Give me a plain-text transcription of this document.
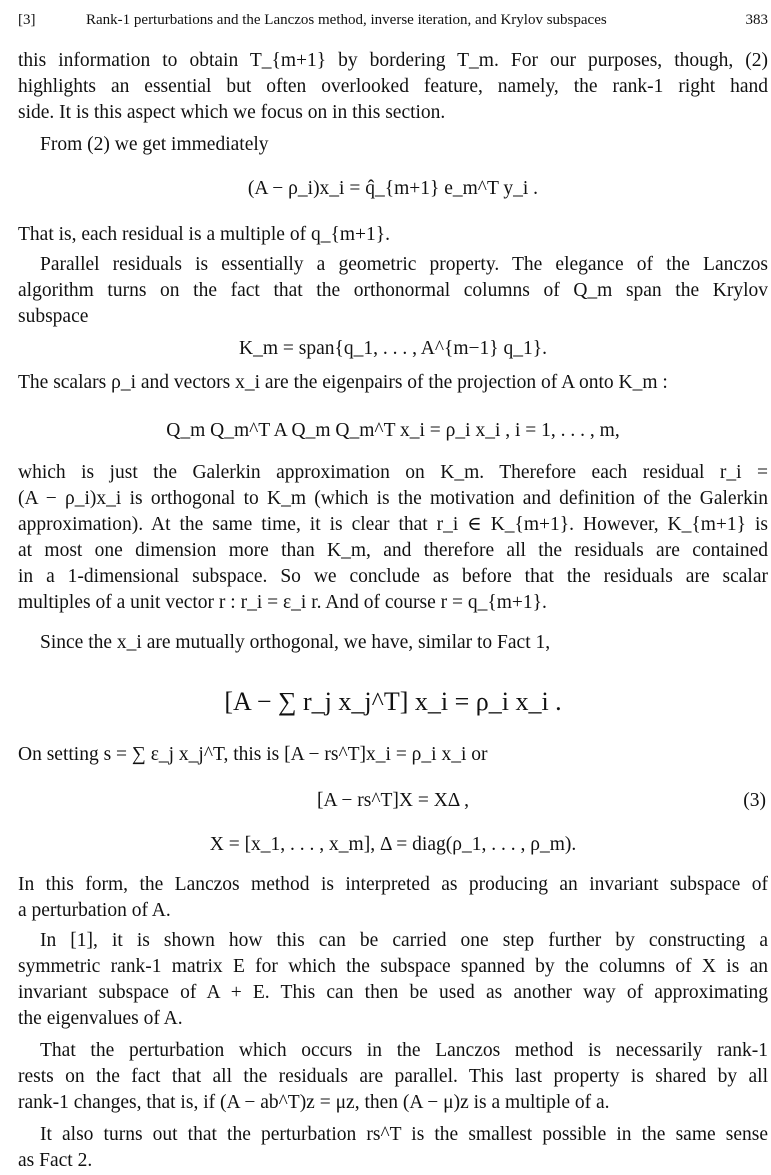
[3]	Rank-1 perturbations and the Lanczos method, inverse iteration, and Krylov subspaces	383
this information to obtain T_{m+1} by bordering T_m. For our purposes, though, (2)
highlights an essential but often overlooked feature, namely, the rank-1 right hand
side. It is this aspect which we focus on in this section.
From (2) we get immediately
(A − ρ_i)x_i = q̂_{m+1} e_m^T y_i .
That is, each residual is a multiple of q_{m+1}.
Parallel residuals is essentially a geometric property. The elegance of the Lanczos
algorithm turns on the fact that the orthonormal columns of Q_m span the Krylov
subspace
K_m = span{q_1, . . . , A^{m−1} q_1}.
The scalars ρ_i and vectors x_i are the eigenpairs of the projection of A onto K_m :
Q_m Q_m^T A Q_m Q_m^T x_i = ρ_i x_i , i = 1, . . . , m,
which is just the Galerkin approximation on K_m. Therefore each residual r_i =
(A − ρ_i)x_i is orthogonal to K_m (which is the motivation and definition of the Galerkin
approximation). At the same time, it is clear that r_i ∈ K_{m+1}. However, K_{m+1} is
at most one dimension more than K_m, and therefore all the residuals are contained
in a 1-dimensional subspace. So we conclude as before that the residuals are scalar
multiples of a unit vector r : r_i = ε_i r. And of course r = q_{m+1}.
Since the x_i are mutually orthogonal, we have, similar to Fact 1,
[A − ∑ r_j x_j^T] x_i = ρ_i x_i .
On setting s = ∑ ε_j x_j^T, this is [A − rs^T]x_i = ρ_i x_i or
[A − rs^T]X = XΔ ,	(3)
X = [x_1, . . . , x_m], Δ = diag(ρ_1, . . . , ρ_m).
In this form, the Lanczos method is interpreted as producing an invariant subspace of
a perturbation of A.
In [1], it is shown how this can be carried one step further by constructing a
symmetric rank-1 matrix E for which the subspace spanned by the columns of X is an
invariant subspace of A + E. This can then be used as another way of approximating
the eigenvalues of A.
That the perturbation which occurs in the Lanczos method is necessarily rank-1
rests on the fact that all the residuals are parallel. This last property is shared by all
rank-1 changes, that is, if (A − ab^T)z = μz, then (A − μ)z is a multiple of a.
It also turns out that the perturbation rs^T is the smallest possible in the same sense
as Fact 2.
